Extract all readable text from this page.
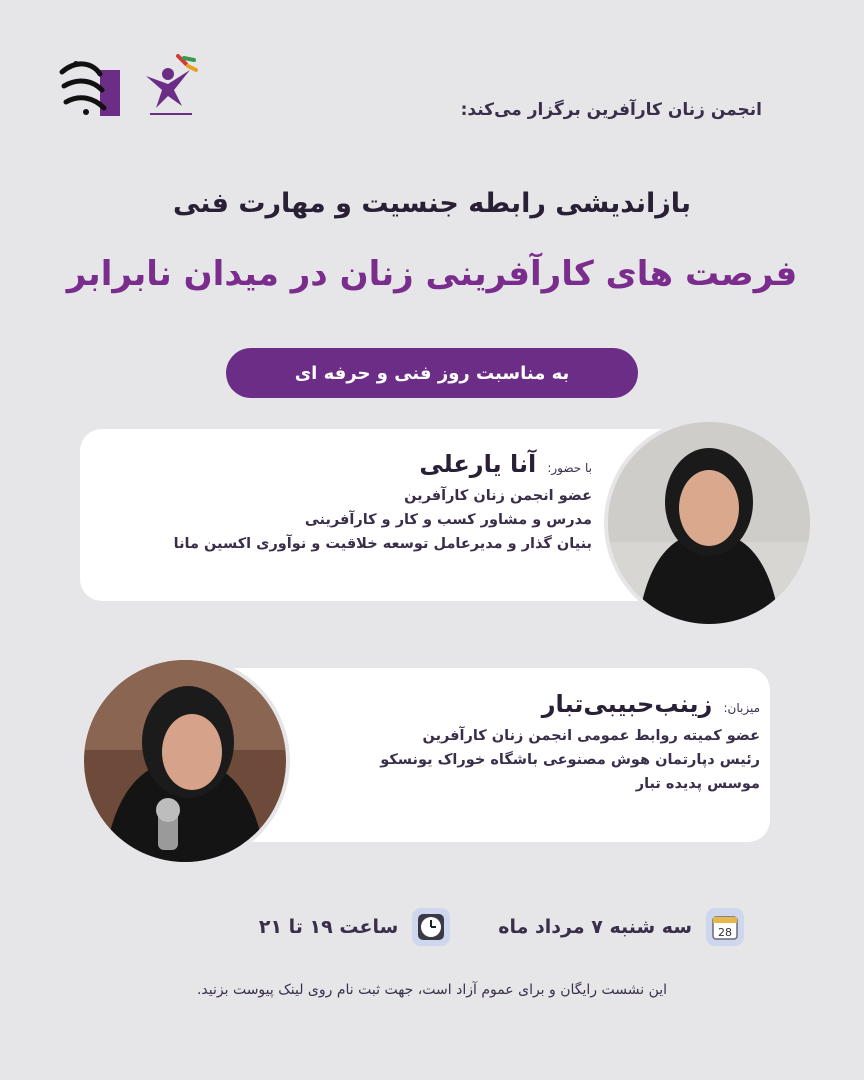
انجمن زنان کارآفرین برگزار می‌کند:
بازاندیشی رابطه جنسیت و مهارت فنی
فرصت های کارآفرینی زنان در میدان نابرابر
به مناسبت روز فنی و حرفه ای
با حضور: آنا یارعلی
عضو انجمن زنان کارآفرین
مدرس و مشاور کسب و کار و کارآفرینی
بنیان گذار و مدیرعامل توسعه خلاقیت و نوآوری اکسین مانا
میزبان: زینب‌حبیبی‌تبار
عضو کمیته روابط عمومی انجمن زنان کارآفرین
رئیس دپارتمان هوش مصنوعی باشگاه خوراک یونسکو
موسس پدیده تبار
28
سه شنبه ۷ مرداد ماه
ساعت ۱۹ تا ۲۱
این نشست رایگان و برای عموم آزاد است، جهت ثبت نام روی لینک پیوست بزنید.
